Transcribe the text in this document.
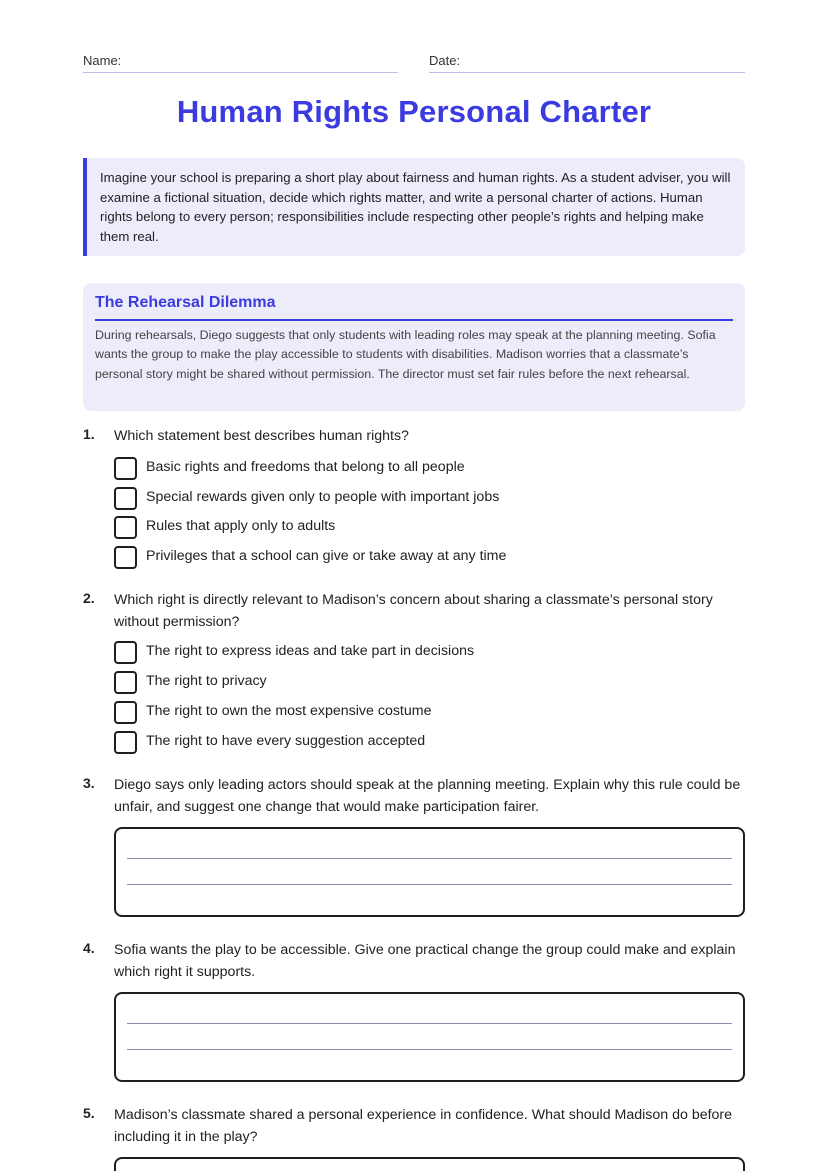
Name:	Date:
Human Rights Personal Charter
Imagine your school is preparing a short play about fairness and human rights. As a student adviser, you will examine a fictional situation, decide which rights matter, and write a personal charter of actions. Human rights belong to every person; responsibilities include respecting other people’s rights and helping make them real.
The Rehearsal Dilemma
During rehearsals, Diego suggests that only students with leading roles may speak at the planning meeting. Sofia wants the group to make the play accessible to students with disabilities. Madison worries that a classmate’s personal story might be shared without permission. The director must set fair rules before the next rehearsal.
1. Which statement best describes human rights?
Basic rights and freedoms that belong to all people
Special rewards given only to people with important jobs
Rules that apply only to adults
Privileges that a school can give or take away at any time
2. Which right is directly relevant to Madison’s concern about sharing a classmate’s personal story without permission?
The right to express ideas and take part in decisions
The right to privacy
The right to own the most expensive costume
The right to have every suggestion accepted
3. Diego says only leading actors should speak at the planning meeting. Explain why this rule could be unfair, and suggest one change that would make participation fairer.
4. Sofia wants the play to be accessible. Give one practical change the group could make and explain which right it supports.
5. Madison’s classmate shared a personal experience in confidence. What should Madison do before including it in the play?
